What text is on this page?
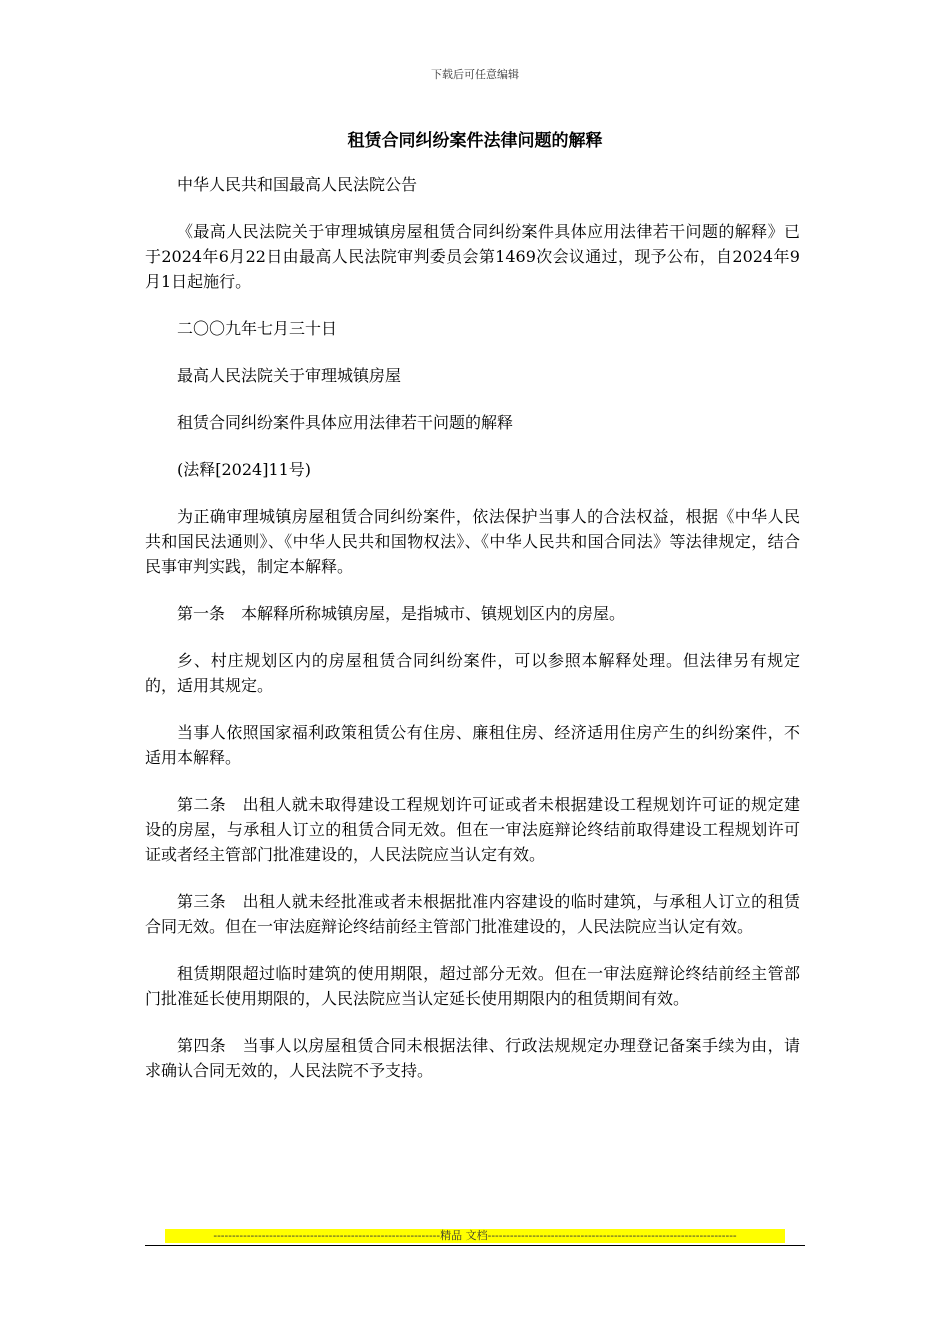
下载后可任意编辑
租赁合同纠纷案件法律问题的解释

中华人民共和国最高人民法院公告

《最高人民法院关于审理城镇房屋租赁合同纠纷案件具体应用法律若干问题的解释》已于2024年6月22日由最高人民法院审判委员会第1469次会议通过，现予公布，自2024年9月1日起施行。

二〇〇九年七月三十日

最高人民法院关于审理城镇房屋

租赁合同纠纷案件具体应用法律若干问题的解释

(法释[2024]11号)

为正确审理城镇房屋租赁合同纠纷案件，依法保护当事人的合法权益，根据《中华人民共和国民法通则》、《中华人民共和国物权法》、《中华人民共和国合同法》等法律规定，结合民事审判实践，制定本解释。

第一条　本解释所称城镇房屋，是指城市、镇规划区内的房屋。

乡、村庄规划区内的房屋租赁合同纠纷案件，可以参照本解释处理。但法律另有规定的，适用其规定。

当事人依照国家福利政策租赁公有住房、廉租住房、经济适用住房产生的纠纷案件，不适用本解释。

第二条　出租人就未取得建设工程规划许可证或者未根据建设工程规划许可证的规定建设的房屋，与承租人订立的租赁合同无效。但在一审法庭辩论终结前取得建设工程规划许可证或者经主管部门批准建设的，人民法院应当认定有效。

第三条　出租人就未经批准或者未根据批准内容建设的临时建筑，与承租人订立的租赁合同无效。但在一审法庭辩论终结前经主管部门批准建设的，人民法院应当认定有效。

租赁期限超过临时建筑的使用期限，超过部分无效。但在一审法庭辩论终结前经主管部门批准延长使用期限的，人民法院应当认定延长使用期限内的租赁期间有效。

第四条　当事人以房屋租赁合同未根据法律、行政法规规定办理登记备案手续为由，请求确认合同无效的，人民法院不予支持。

-------------------------------------------------------------精品 文档-------------------------------------------------------------------
